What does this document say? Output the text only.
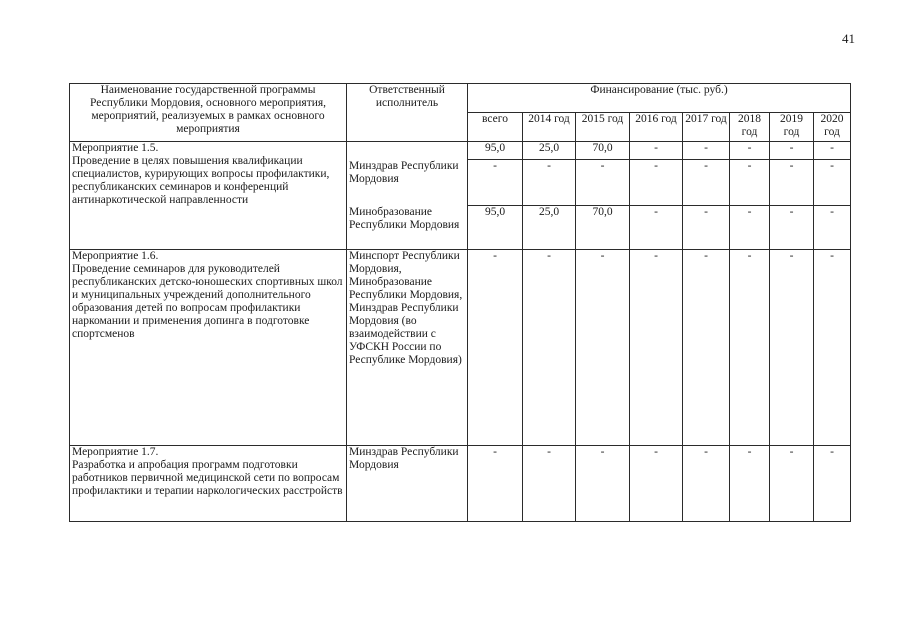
41
Наименование государственной программы Республики Мордовия, основного мероприятия, мероприятий, реализуемых в рамках основного мероприятия	Ответственный исполнитель	Финансирование (тыс. руб.)							
		всего	2014 год	2015 год	2016 год	2017 год	2018 год	2019 год	2020 год

Мероприятие 1.5.
Проведение в целях повышения квалификации специалистов, курирующих вопросы профилактики, республиканских семинаров и конференций антинаркотической направленности		95,0	25,0	70,0	-	-	-	-	-
	Минздрав Республики Мордовия	-	-	-	-	-	-	-	-
	Минобразование Республики Мордовия	95,0	25,0	70,0	-	-	-	-	-

Мероприятие 1.6.
Проведение семинаров для руководителей республиканских детско-юношеских спортивных школ и муниципальных учреждений дополнительного образования детей по вопросам профилактики наркомании и применения допинга в подготовке спортсменов	Минспорт Республики Мордовия, Минобразование Республики Мордовия, Минздрав Республики Мордовия (во взаимодействии с УФСКН России по Республике Мордовия)	-	-	-	-	-	-	-	-

Мероприятие 1.7.
Разработка и апробация программ подготовки работников первичной медицинской сети по вопросам профилактики и терапии наркологических расстройств	Минздрав Республики Мордовия	-	-	-	-	-	-	-	-
